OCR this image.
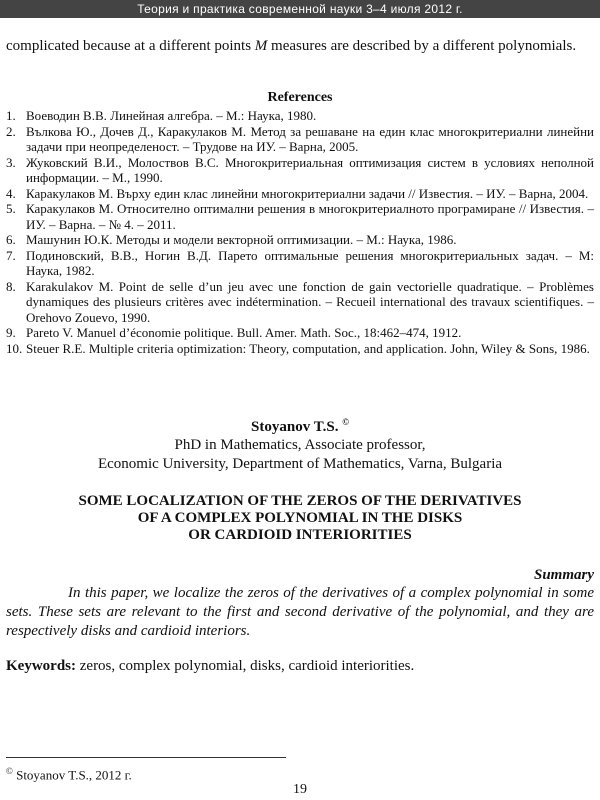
Теория и практика современной науки 3–4 июля 2012 г.

complicated because at a different points M measures are described by a different polynomials.

References
1. Воеводин В.В. Линейная алгебра. – М.: Наука, 1980.
2. Вълкова Ю., Дочев Д., Каракулаков М. Метод за решаване на един клас многокритериални линейни задачи при неопределеност. – Трудове на ИУ. – Варна, 2005.
3. Жуковский В.И., Молоствов В.С. Многокритериальная оптимизация систем в условиях неполной информации. – М., 1990.
4. Каракулаков М. Върху един клас линейни многокритериални задачи // Известия. – ИУ. – Варна, 2004.
5. Каракулаков М. Относително оптимални решения в многокритериалното програмиране // Известия. – ИУ. – Варна. – № 4. – 2011.
6. Машунин Ю.К. Методы и модели векторной оптимизации. – М.: Наука, 1986.
7. Подиновский, В.В., Ногин В.Д. Парето оптимальные решения многокритериальных задач. – М: Наука, 1982.
8. Karakulakov M. Point de selle d’un jeu avec une fonction de gain vectorielle quadratique. – Problèmes dynamiques des plusieurs critères avec indétermination. – Recueil international des travaux scientifiques. – Orehovo Zouevo, 1990.
9. Pareto V. Manuel d’économie politique. Bull. Amer. Math. Soc., 18:462–474, 1912.
10. Steuer R.E. Multiple criteria optimization: Theory, computation, and application. John, Wiley & Sons, 1986.
Stoyanov T.S. ©
PhD in Mathematics, Associate professor,
Economic University, Department of Mathematics, Varna, Bulgaria
SOME LOCALIZATION OF THE ZEROS OF THE DERIVATIVES
OF A COMPLEX POLYNOMIAL IN THE DISKS
OR CARDIOID INTERIORITIES
Summary

In this paper, we localize the zeros of the derivatives of a complex polynomial in some sets. These sets are relevant to the first and second derivative of the polynomial, and they are respectively disks and cardioid interiors.

Keywords: zeros, complex polynomial, disks, cardioid interiorities.

© Stoyanov T.S., 2012 г.
19
